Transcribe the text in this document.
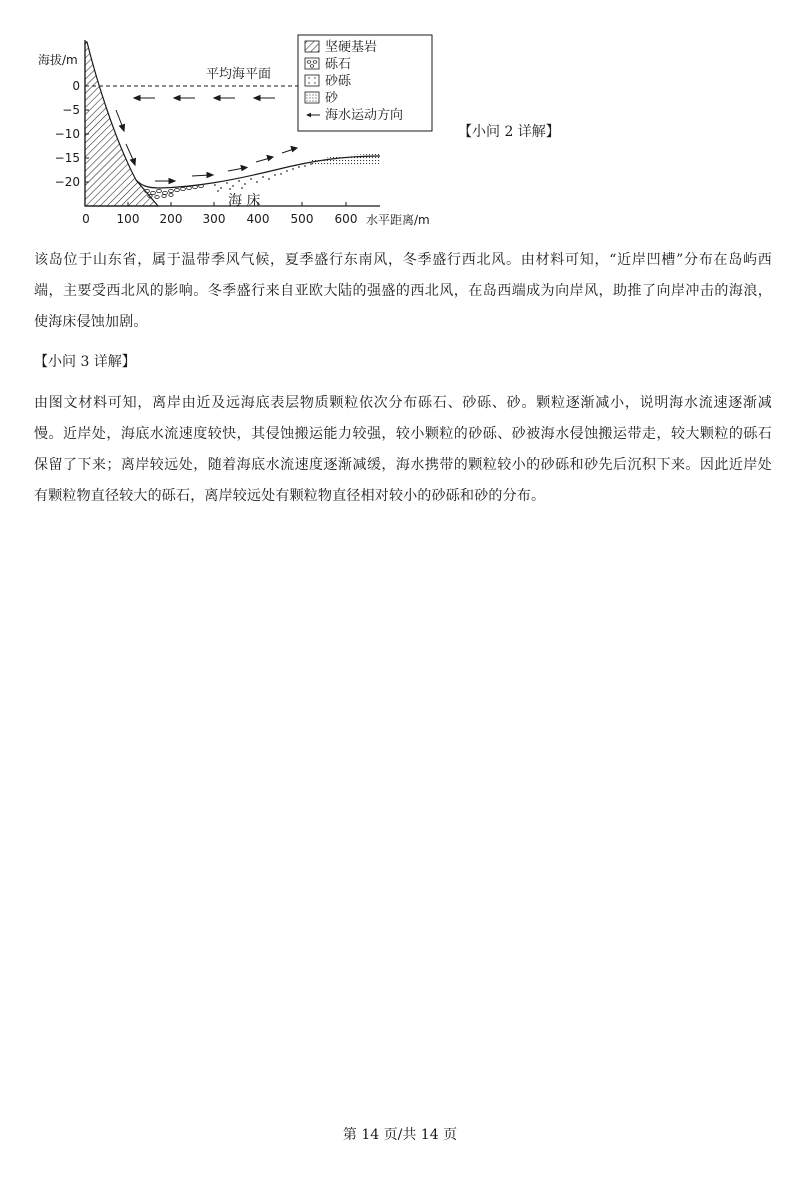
海拔/m
水平距离/m
0
−5
−10
−15
−20
0 100 200 300 400 500 600
平均海平面
海 床
坚硬基岩
砾石
砂砾
砂
海水运动方向
【小问 2 详解】
该岛位于山东省，属于温带季风气候，夏季盛行东南风，冬季盛行西北风。由材料可知，“近岸凹槽”分布在岛屿西端，主要受西北风的影响。冬季盛行来自亚欧大陆的强盛的西北风，在岛西端成为向岸风，助推了向岸冲击的海浪，使海床侵蚀加剧。
【小问 3 详解】
由图文材料可知，离岸由近及远海底表层物质颗粒依次分布砾石、砂砾、砂。颗粒逐渐减小，说明海水流速逐渐减慢。近岸处，海底水流速度较快，其侵蚀搬运能力较强，较小颗粒的砂砾、砂被海水侵蚀搬运带走，较大颗粒的砾石保留了下来；离岸较远处，随着海底水流速度逐渐减缓，海水携带的颗粒较小的砂砾和砂先后沉积下来。因此近岸处有颗粒物直径较大的砾石，离岸较远处有颗粒物直径相对较小的砂砾和砂的分布。
第 14 页/共 14 页
